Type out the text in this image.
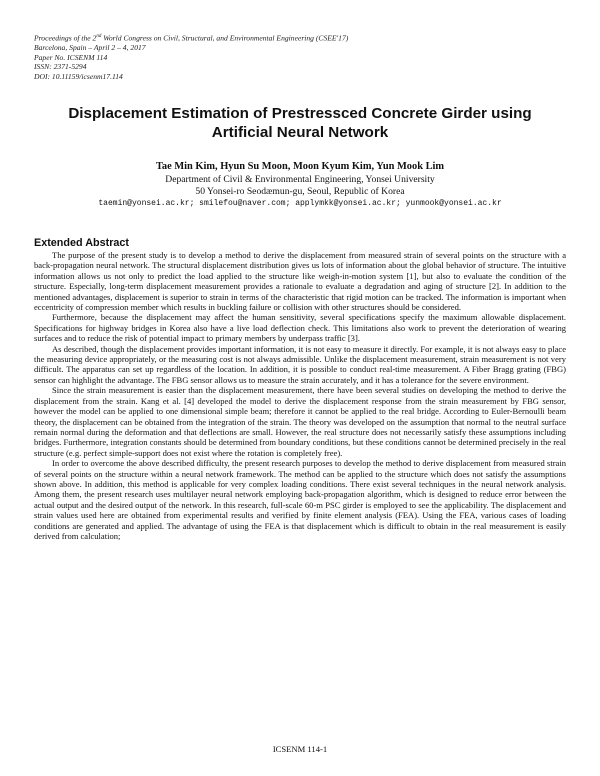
Proceedings of the 2nd World Congress on Civil, Structural, and Environmental Engineering (CSEE'17)
Barcelona, Spain – April 2 – 4, 2017
Paper No. ICSENM 114
ISSN: 2371-5294
DOI: 10.11159/icsenm17.114
Displacement Estimation of Prestressced Concrete Girder using
Artificial Neural Network
Tae Min Kim, Hyun Su Moon, Moon Kyum Kim, Yun Mook Lim
Department of Civil & Environmental Engineering, Yonsei University
50 Yonsei-ro Seodæmun-gu, Seoul, Republic of Korea
taemin@yonsei.ac.kr; smilefou@naver.com; applymkk@yonsei.ac.kr; yunmook@yonsei.ac.kr
Extended Abstract

The purpose of the present study is to develop a method to derive the displacement from measured strain of several points on the structure with a back-propagation neural network. The structural displacement distribution gives us lots of information about the global behavior of structure. The intuitive information allows us not only to predict the load applied to the structure like weigh-in-motion system [1], but also to evaluate the condition of the structure. Especially, long-term displacement measurement provides a rationale to evaluate a degradation and aging of structure [2]. In addition to the mentioned advantages, displacement is superior to strain in terms of the characteristic that rigid motion can be tracked. The information is important when eccentricity of compression member which results in buckling failure or collision with other structures should be considered.

Furthermore, because the displacement may affect the human sensitivity, several specifications specify the maximum allowable displacement. Specifications for highway bridges in Korea also have a live load deflection check. This limitations also work to prevent the deterioration of wearing surfaces and to reduce the risk of potential impact to primary members by underpass traffic [3].

As described, though the displacement provides important information, it is not easy to measure it directly. For example, it is not always easy to place the measuring device appropriately, or the measuring cost is not always admissible. Unlike the displacement measurement, strain measurement is not very difficult. The apparatus can set up regardless of the location. In addition, it is possible to conduct real-time measurement. A Fiber Bragg grating (FBG) sensor can highlight the advantage. The FBG sensor allows us to measure the strain accurately, and it has a tolerance for the severe environment.

Since the strain measurement is easier than the displacement measurement, there have been several studies on developing the method to derive the displacement from the strain. Kang et al. [4] developed the model to derive the displacement response from the strain measurement by FBG sensor, however the model can be applied to one dimensional simple beam; therefore it cannot be applied to the real bridge. According to Euler-Bernoulli beam theory, the displacement can be obtained from the integration of the strain. The theory was developed on the assumption that normal to the neutral surface remain normal during the deformation and that deflections are small. However, the real structure does not necessarily satisfy these assumptions including bridges. Furthermore, integration constants should be determined from boundary conditions, but these conditions cannot be determined precisely in the real structure (e.g. perfect simple-support does not exist where the rotation is completely free).

In order to overcome the above described difficulty, the present research purposes to develop the method to derive displacement from measured strain of several points on the structure within a neural network framework. The method can be applied to the structure which does not satisfy the assumptions shown above. In addition, this method is applicable for very complex loading conditions. There exist several techniques in the neural network analysis. Among them, the present research uses multilayer neural network employing back-propagation algorithm, which is designed to reduce error between the actual output and the desired output of the network. In this research, full-scale 60-m PSC girder is employed to see the applicability. The displacement and strain values used here are obtained from experimental results and verified by finite element analysis (FEA). Using the FEA, various cases of loading conditions are generated and applied. The advantage of using the FEA is that displacement which is difficult to obtain in the real measurement is easily derived from calculation;

ICSENM 114-1
